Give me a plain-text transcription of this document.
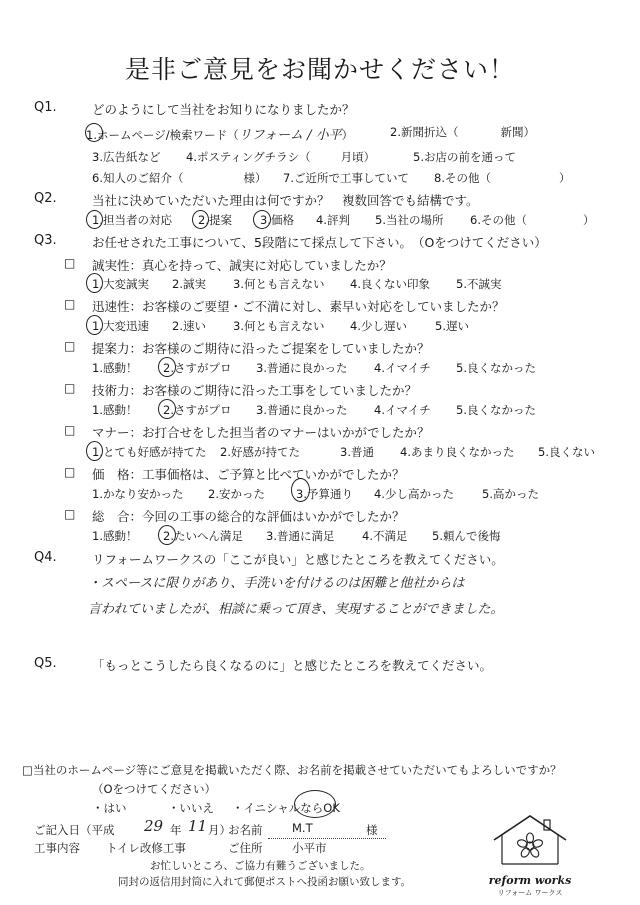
是非ご意見をお聞かせください！
Q1.	どのようにして当社をお知りになりましたか？
1.ホームページ/検索ワード（リフォーム / 小平）	2.新聞折込（	新聞）
3.広告紙など 4.ポスティングチラシ（	月頃）	5.お店の前を通って
6.知人のご紹介（	様） 7.ご近所で工事していて 8.その他（	）
Q2.	当社に決めていただいた理由は何ですか？　複数回答でも結構です。
1.担当者の対応 2.提案 3.価格 4.評判 5.当社の場所 6.その他（	）
Q3.	お任せされた工事について、5段階にて採点して下さい。　（Oをつけてください）
□ 誠実性：真心を持って、誠実に対応していましたか？
1.大変誠実 2.誠実 3.何とも言えない 4.良くない印象 5.不誠実
□ 迅速性：お客様のご要望・ご不満に対し、素早い対応をしていましたか？
1.大変迅速 2.速い 3.何とも言えない 4.少し遅い 5.遅い
□ 提案力：お客様のご期待に沿ったご提案をしていましたか？
1.感動！ 2.さすがプロ 3.普通に良かった 4.イマイチ 5.良くなかった
□ 技術力：お客様のご期待に沿った工事をしていましたか？
1.感動！ 2.さすがプロ 3.普通に良かった 4.イマイチ 5.良くなかった
□ マナー：お打合せをした担当者のマナーはいかがでしたか？
1.とても好感が持てた 2.好感が持てた	3.普通 4.あまり良くなかった 5.良くない
□ 価　格：工事価格は、ご予算と比べていかがでしたか？
1.かなり安かった 2.安かった	3.予算通り 4.少し高かった 5.高かった
□ 総　合：今回の工事の総合的な評価はいかがでしたか？
1.感動！ 2.たいへん満足 3.普通に満足 4.不満足 5.頼んで後悔
Q4.	リフォームワークスの「ここが良い」と感じたところを教えてください。
・スペースに限りがあり、手洗いを付けるのは困難と他社からは
言われていましたが、相談に乗って頂き、実現することができました。
Q5.	「もっとこうしたら良くなるのに」と感じたところを教えてください。
□当社のホームページ等にご意見を掲載いただく際、お名前を掲載させていただいてもよろしいですか？
（Oをつけてください）
・はい	・いいえ ・イニシャルならOK
ご記入日（平成 29 年 11 月）
お名前	M.T	様
工事内容 トイレ改修工事	ご住所	小平市
お忙しいところ、ご協力有難うございました。
同封の返信用封筒に入れて郵便ポストへ投函お願い致します。	reform works
リフォーム ワークス
